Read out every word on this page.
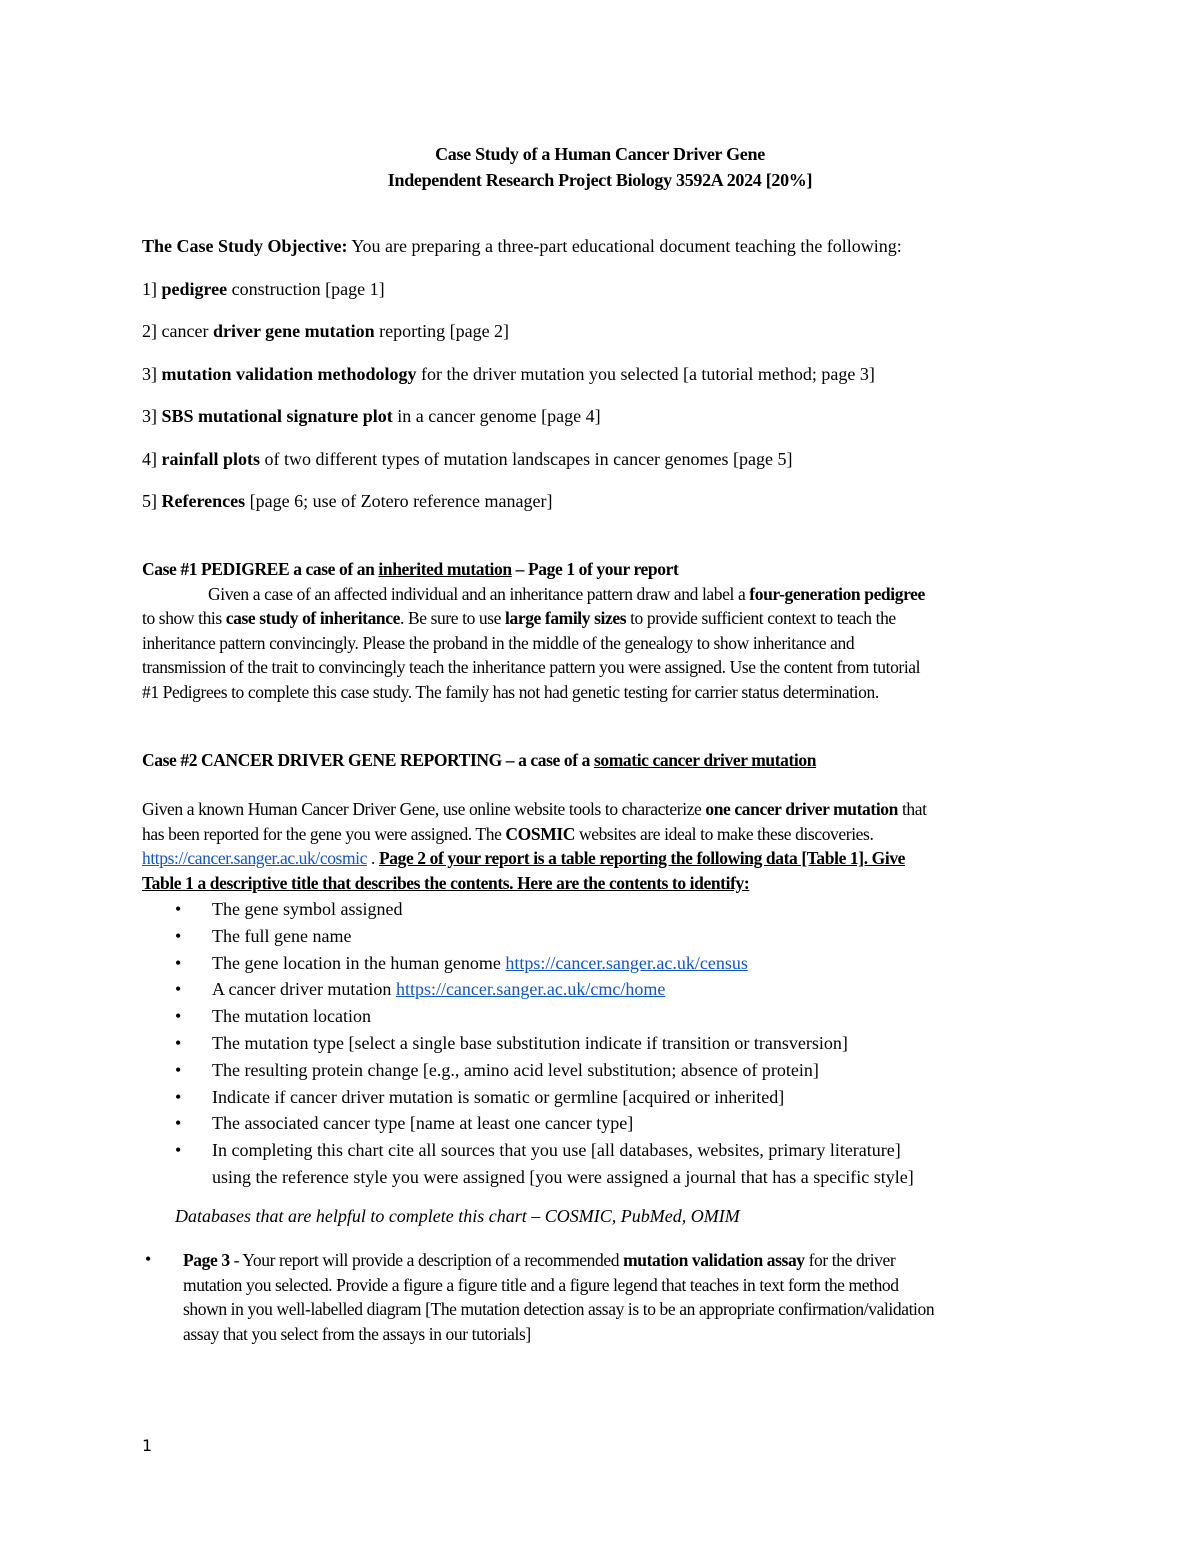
Case Study of a Human Cancer Driver Gene
Independent Research Project Biology 3592A 2024 [20%]
The Case Study Objective: You are preparing a three-part educational document teaching the following:
1] pedigree construction [page 1]
2] cancer driver gene mutation reporting [page 2]
3] mutation validation methodology for the driver mutation you selected [a tutorial method; page 3]
3] SBS mutational signature plot in a cancer genome [page 4]
4] rainfall plots of two different types of mutation landscapes in cancer genomes [page 5]
5] References [page 6; use of Zotero reference manager]
Case #1 PEDIGREE a case of an inherited mutation – Page 1 of your report
Given a case of an affected individual and an inheritance pattern draw and label a four-generation pedigree
to show this case study of inheritance. Be sure to use large family sizes to provide sufficient context to teach the
inheritance pattern convincingly. Please the proband in the middle of the genealogy to show inheritance and
transmission of the trait to convincingly teach the inheritance pattern you were assigned. Use the content from tutorial
#1 Pedigrees to complete this case study. The family has not had genetic testing for carrier status determination.
Case #2 CANCER DRIVER GENE REPORTING – a case of a somatic cancer driver mutation
Given a known Human Cancer Driver Gene, use online website tools to characterize one cancer driver mutation that
has been reported for the gene you were assigned. The COSMIC websites are ideal to make these discoveries.
https://cancer.sanger.ac.uk/cosmic . Page 2 of your report is a table reporting the following data [Table 1]. Give
Table 1 a descriptive title that describes the contents. Here are the contents to identify:
• The gene symbol assigned
• The full gene name
• The gene location in the human genome https://cancer.sanger.ac.uk/census
• A cancer driver mutation https://cancer.sanger.ac.uk/cmc/home
• The mutation location
• The mutation type [select a single base substitution indicate if transition or transversion]
• The resulting protein change [e.g., amino acid level substitution; absence of protein]
• Indicate if cancer driver mutation is somatic or germline [acquired or inherited]
• The associated cancer type [name at least one cancer type]
• In completing this chart cite all sources that you use [all databases, websites, primary literature]
using the reference style you were assigned [you were assigned a journal that has a specific style]
Databases that are helpful to complete this chart – COSMIC, PubMed, OMIM
• Page 3 - Your report will provide a description of a recommended mutation validation assay for the driver
mutation you selected. Provide a figure a figure title and a figure legend that teaches in text form the method
shown in you well-labelled diagram [The mutation detection assay is to be an appropriate confirmation/validation
assay that you select from the assays in our tutorials]
1
